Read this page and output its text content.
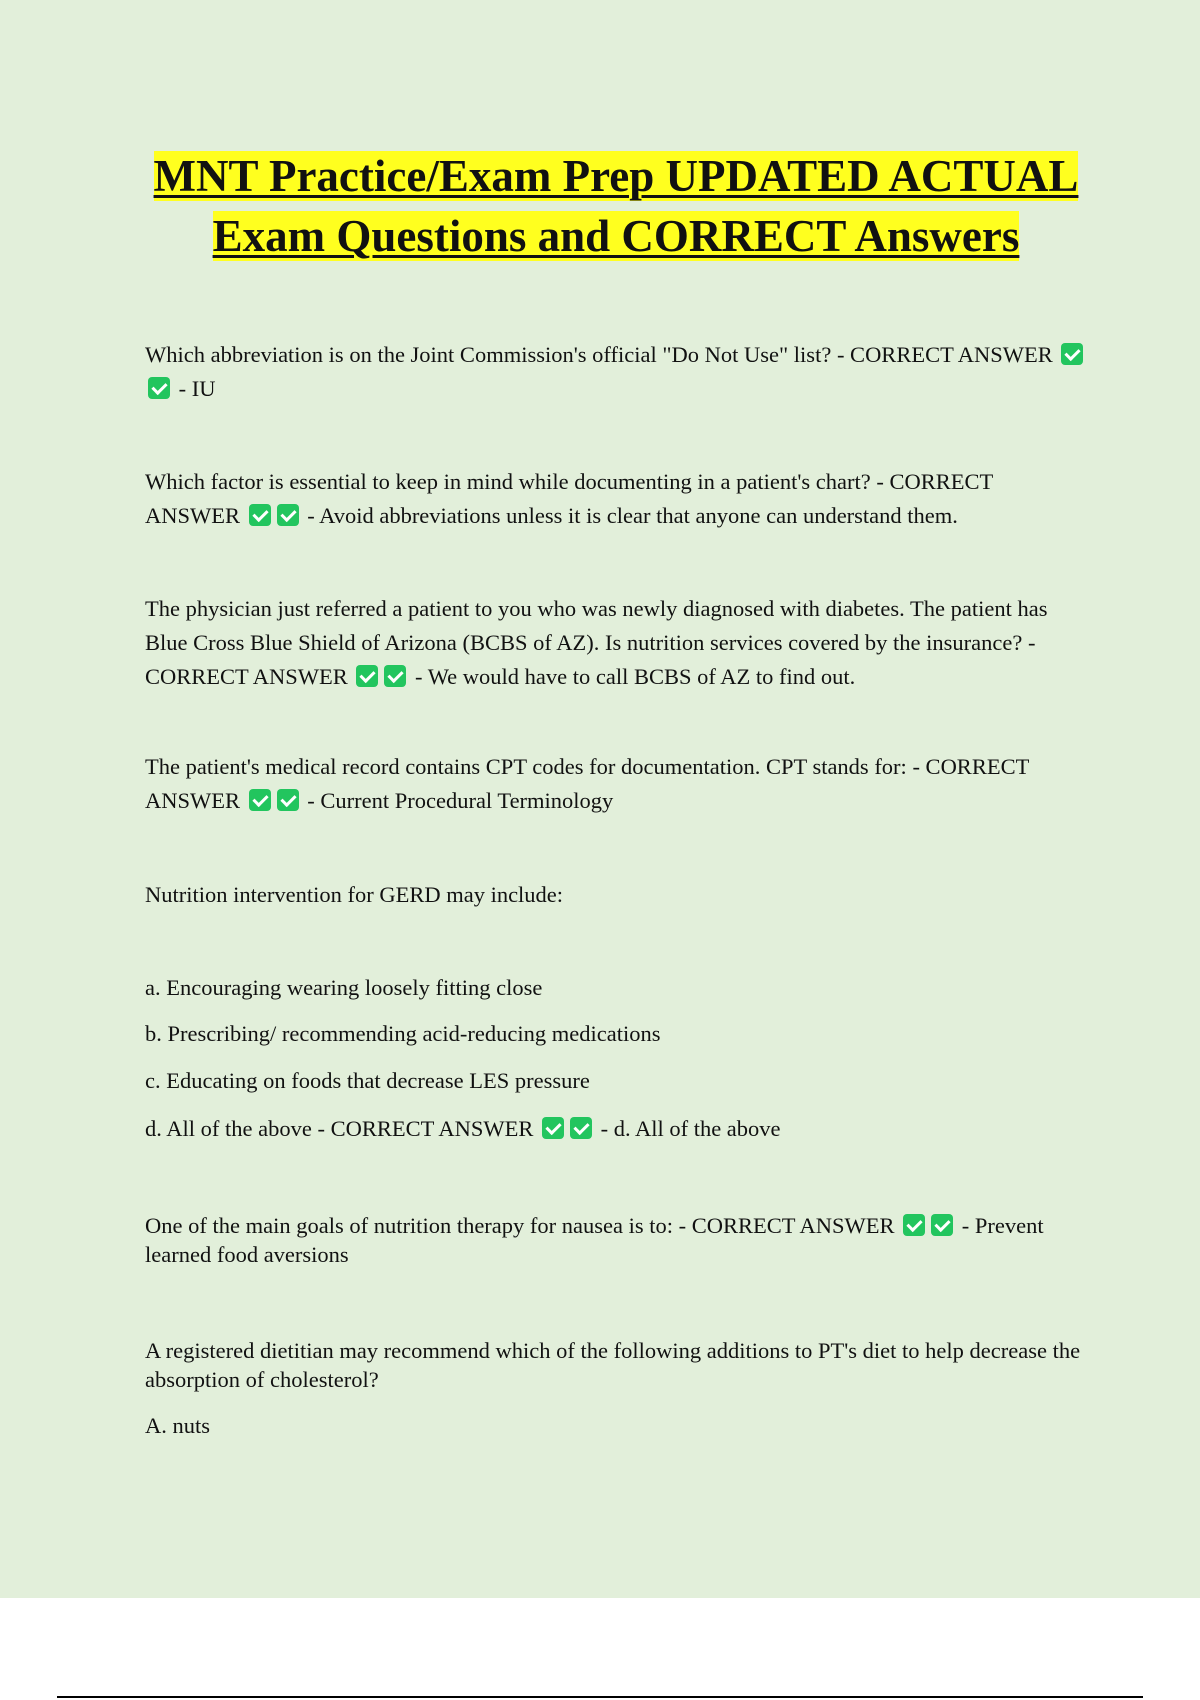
MNT Practice/Exam Prep UPDATED ACTUAL Exam Questions and CORRECT Answers

Which abbreviation is on the Joint Commission's official "Do Not Use" list? - CORRECT ANSWER  - IU

Which factor is essential to keep in mind while documenting in a patient's chart? - CORRECT ANSWER	- Avoid abbreviations unless it is clear that anyone can understand them.

The physician just referred a patient to you who was newly diagnosed with diabetes. The patient has Blue Cross Blue Shield of Arizona (BCBS of AZ). Is nutrition services covered by the insurance? - CORRECT ANSWER	- We would have to call BCBS of AZ to find out.

The patient's medical record contains CPT codes for documentation. CPT stands for: - CORRECT ANSWER	- Current Procedural Terminology

Nutrition intervention for GERD may include:

a. Encouraging wearing loosely fitting close

b. Prescribing/ recommending acid-reducing medications

c. Educating on foods that decrease LES pressure

d. All of the above - CORRECT ANSWER	- d. All of the above

One of the main goals of nutrition therapy for nausea is to: - CORRECT ANSWER	- Prevent learned food aversions

A registered dietitian may recommend which of the following additions to PT's diet to help decrease the absorption of cholesterol?

A. nuts
